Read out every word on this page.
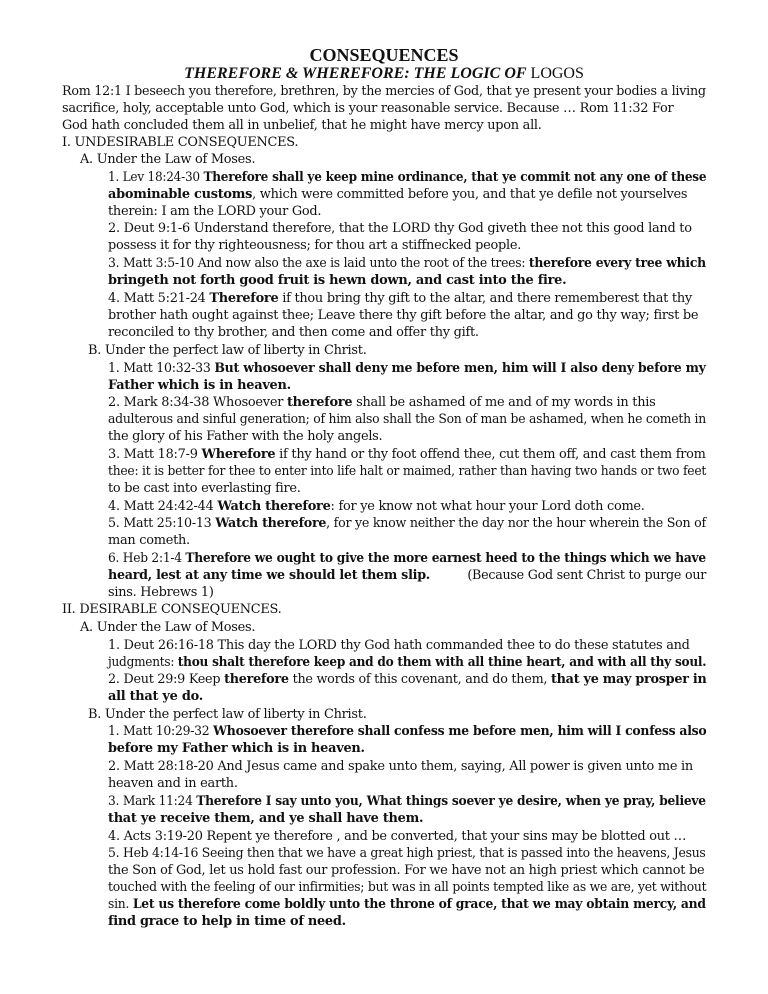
CONSEQUENCES
THEREFORE & WHEREFORE: THE LOGIC OF LOGOS
Rom 12:1 I beseech you therefore, brethren, by the mercies of God, that ye present your bodies a living
sacrifice, holy, acceptable unto God, which is your reasonable service. Because … Rom 11:32 For
God hath concluded them all in unbelief, that he might have mercy upon all.
I. UNDESIRABLE CONSEQUENCES.
A. Under the Law of Moses.
1. Lev 18:24-30 Therefore shall ye keep mine ordinance, that ye commit not any one of these
abominable customs, which were committed before you, and that ye defile not yourselves
therein: I am the LORD your God.
2. Deut 9:1-6 Understand therefore, that the LORD thy God giveth thee not this good land to
possess it for thy righteousness; for thou art a stiffnecked people.
3. Matt 3:5-10 And now also the axe is laid unto the root of the trees: therefore every tree which
bringeth not forth good fruit is hewn down, and cast into the fire.
4. Matt 5:21-24 Therefore if thou bring thy gift to the altar, and there rememberest that thy
brother hath ought against thee; Leave there thy gift before the altar, and go thy way; first be
reconciled to thy brother, and then come and offer thy gift.
B. Under the perfect law of liberty in Christ.
1. Matt 10:32-33 But whosoever shall deny me before men, him will I also deny before my
Father which is in heaven.
2. Mark 8:34-38 Whosoever therefore shall be ashamed of me and of my words in this
adulterous and sinful generation; of him also shall the Son of man be ashamed, when he cometh in
the glory of his Father with the holy angels.
3. Matt 18:7-9 Wherefore if thy hand or thy foot offend thee, cut them off, and cast them from
thee: it is better for thee to enter into life halt or maimed, rather than having two hands or two feet
to be cast into everlasting fire.
4. Matt 24:42-44 Watch therefore: for ye know not what hour your Lord doth come.
5. Matt 25:10-13 Watch therefore, for ye know neither the day nor the hour wherein the Son of
man cometh.
6. Heb 2:1-4 Therefore we ought to give the more earnest heed to the things which we have
heard, lest at any time we should let them slip.	(Because God sent Christ to purge our
sins. Hebrews 1)
II. DESIRABLE CONSEQUENCES.
A. Under the Law of Moses.
1. Deut 26:16-18 This day the LORD thy God hath commanded thee to do these statutes and
judgments: thou shalt therefore keep and do them with all thine heart, and with all thy soul.
2. Deut 29:9 Keep therefore the words of this covenant, and do them, that ye may prosper in
all that ye do.
B. Under the perfect law of liberty in Christ.
1. Matt 10:29-32 Whosoever therefore shall confess me before men, him will I confess also
before my Father which is in heaven.
2. Matt 28:18-20 And Jesus came and spake unto them, saying, All power is given unto me in
heaven and in earth.
3. Mark 11:24 Therefore I say unto you, What things soever ye desire, when ye pray, believe
that ye receive them, and ye shall have them.
4. Acts 3:19-20 Repent ye therefore , and be converted, that your sins may be blotted out …
5. Heb 4:14-16 Seeing then that we have a great high priest, that is passed into the heavens, Jesus
the Son of God, let us hold fast our profession. For we have not an high priest which cannot be
touched with the feeling of our infirmities; but was in all points tempted like as we are, yet without
sin. Let us therefore come boldly unto the throne of grace, that we may obtain mercy, and
find grace to help in time of need.
